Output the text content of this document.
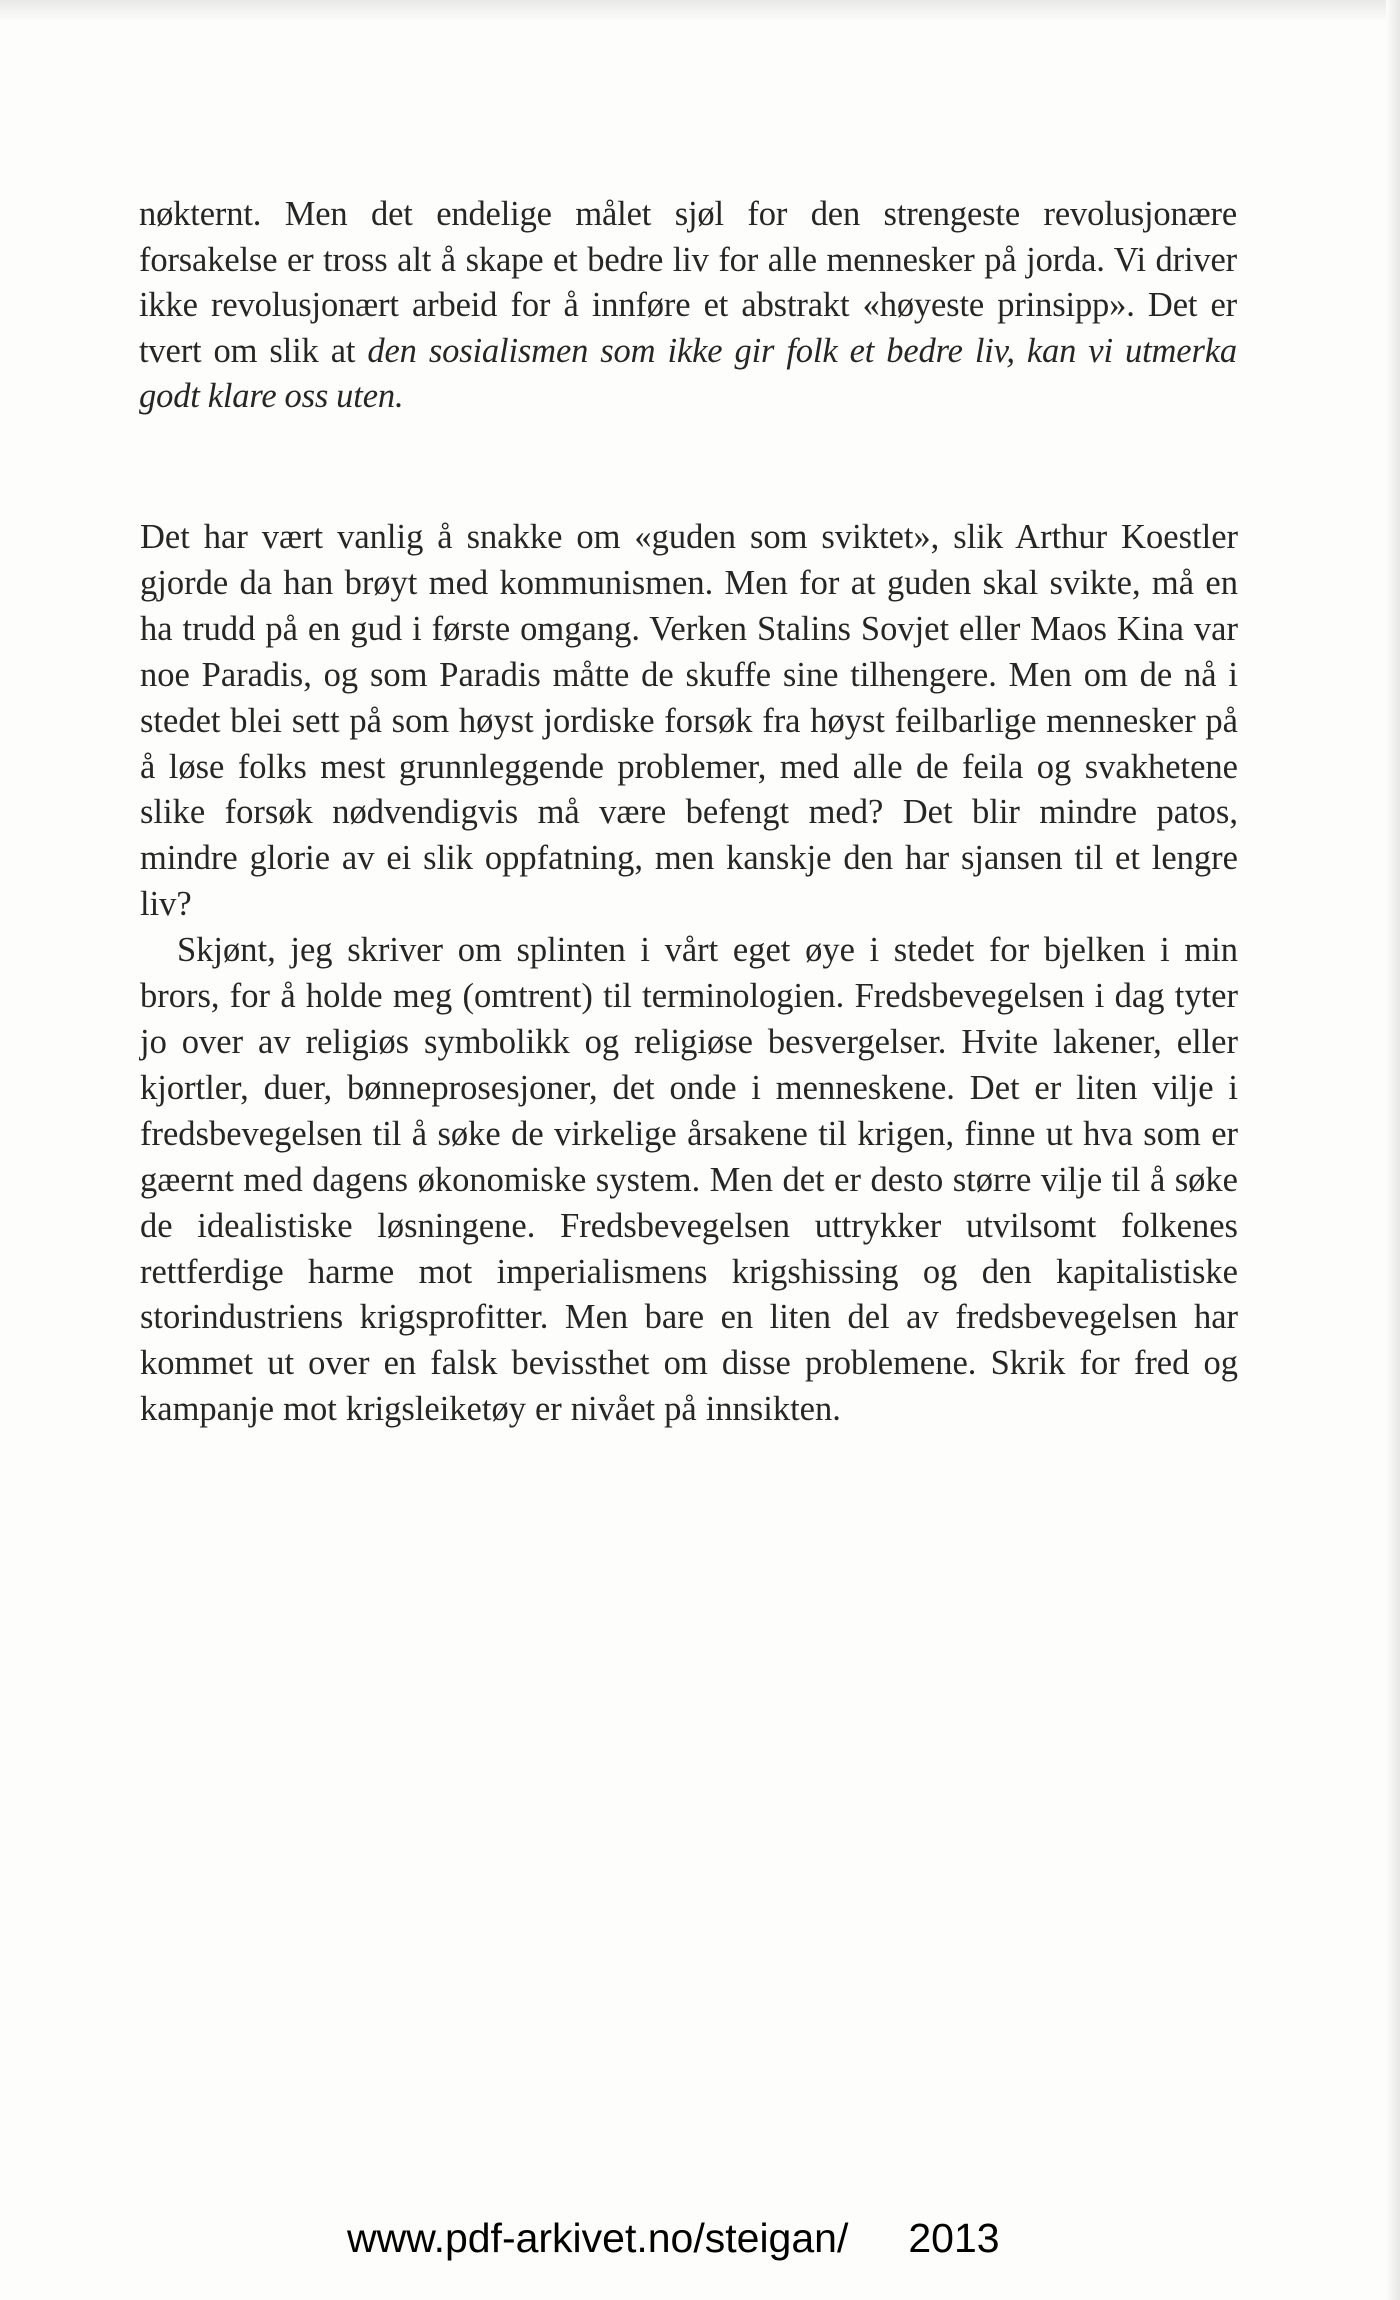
nøkternt. Men det endelige målet sjøl for den strengeste revolusjonære forsakelse er tross alt å skape et bedre liv for alle mennesker på jorda. Vi driver ikke revolusjonært arbeid for å innføre et abstrakt «høyeste prinsipp». Det er tvert om slik at den sosialismen som ikke gir folk et bedre liv, kan vi utmerka godt klare oss uten.

Det har vært vanlig å snakke om «guden som sviktet», slik Arthur Koestler gjorde da han brøyt med kommunismen. Men for at guden skal svikte, må en ha trudd på en gud i første omgang. Verken Stalins Sovjet eller Maos Kina var noe Paradis, og som Paradis måtte de skuffe sine tilhengere. Men om de nå i stedet blei sett på som høyst jordiske forsøk fra høyst feilbarlige mennesker på å løse folks mest grunnleggende problemer, med alle de feila og svakhetene slike forsøk nødvendigvis må være befengt med? Det blir mindre patos, mindre glorie av ei slik oppfatning, men kanskje den har sjansen til et lengre liv?

Skjønt, jeg skriver om splinten i vårt eget øye i stedet for bjelken i min brors, for å holde meg (omtrent) til terminologien. Fredsbevegelsen i dag tyter jo over av religiøs symbolikk og religiøse besvergelser. Hvite lakener, eller kjortler, duer, bønneprosesjoner, det onde i menneskene. Det er liten vilje i fredsbevegelsen til å søke de virkelige årsakene til krigen, finne ut hva som er gæernt med dagens økonomiske system. Men det er desto større vilje til å søke de idealistiske løsningene. Fredsbevegelsen uttrykker utvilsomt folkenes rettferdige harme mot imperialismens krigshissing og den kapitalistiske storindustriens krigsprofitter. Men bare en liten del av fredsbevegelsen har kommet ut over en falsk bevissthet om disse problemene. Skrik for fred og kampanje mot krigsleiketøy er nivået på innsikten.

www.pdf-arkivet.no/steigan/ 2013
